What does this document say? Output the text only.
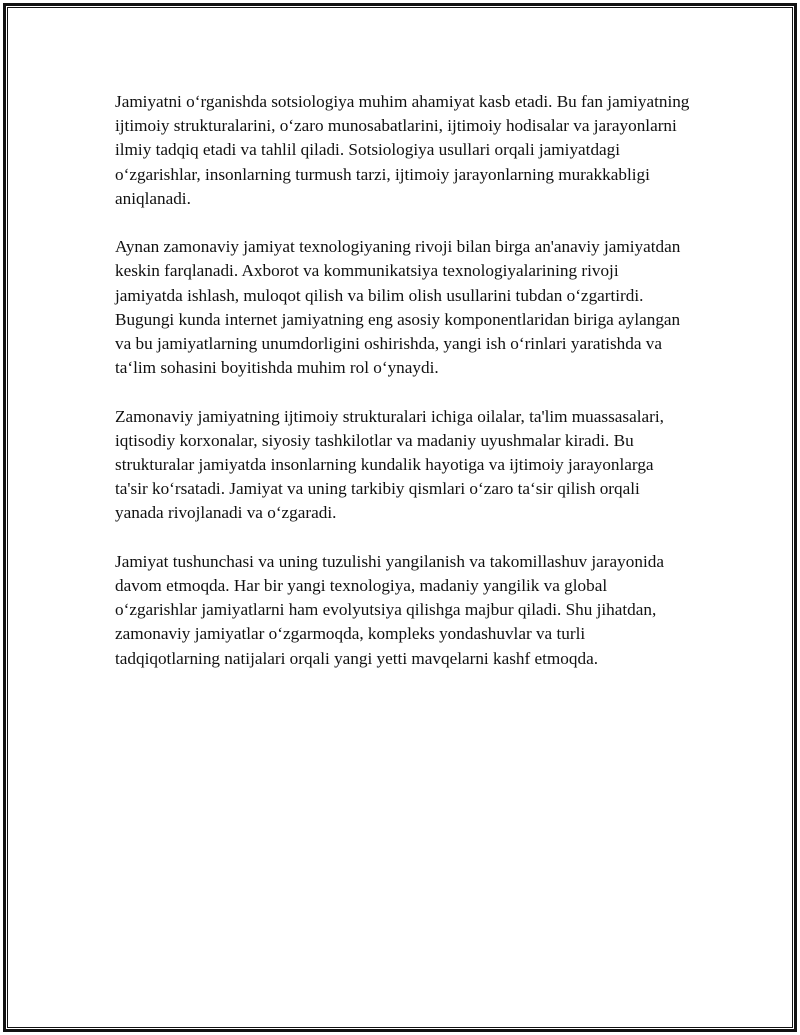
Jamiyatni o‘rganishda sotsiologiya muhim ahamiyat kasb etadi. Bu fan jamiyatning ijtimoiy strukturalarini, o‘zaro munosabatlarini, ijtimoiy hodisalar va jarayonlarni ilmiy tadqiq etadi va tahlil qiladi. Sotsiologiya usullari orqali jamiyatdagi o‘zgarishlar, insonlarning turmush tarzi, ijtimoiy jarayonlarning murakkabligi aniqlanadi.

Aynan zamonaviy jamiyat texnologiyaning rivoji bilan birga an'anaviy jamiyatdan keskin farqlanadi. Axborot va kommunikatsiya texnologiyalarining rivoji jamiyatda ishlash, muloqot qilish va bilim olish usullarini tubdan o‘zgartirdi. Bugungi kunda internet jamiyatning eng asosiy komponentlaridan biriga aylangan va bu jamiyatlarning unumdorligini oshirishda, yangi ish o‘rinlari yaratishda va ta‘lim sohasini boyitishda muhim rol o‘ynaydi.

Zamonaviy jamiyatning ijtimoiy strukturalari ichiga oilalar, ta'lim muassasalari, iqtisodiy korxonalar, siyosiy tashkilotlar va madaniy uyushmalar kiradi. Bu strukturalar jamiyatda insonlarning kundalik hayotiga va ijtimoiy jarayonlarga ta'sir ko‘rsatadi. Jamiyat va uning tarkibiy qismlari o‘zaro ta‘sir qilish orqali yanada rivojlanadi va o‘zgaradi.

Jamiyat tushunchasi va uning tuzulishi yangilanish va takomillashuv jarayonida davom etmoqda. Har bir yangi texnologiya, madaniy yangilik va global o‘zgarishlar jamiyatlarni ham evolyutsiya qilishga majbur qiladi. Shu jihatdan, zamonaviy jamiyatlar o‘zgarmoqda, kompleks yondashuvlar va turli tadqiqotlarning natijalari orqali yangi yetti mavqelarni kashf etmoqda.
